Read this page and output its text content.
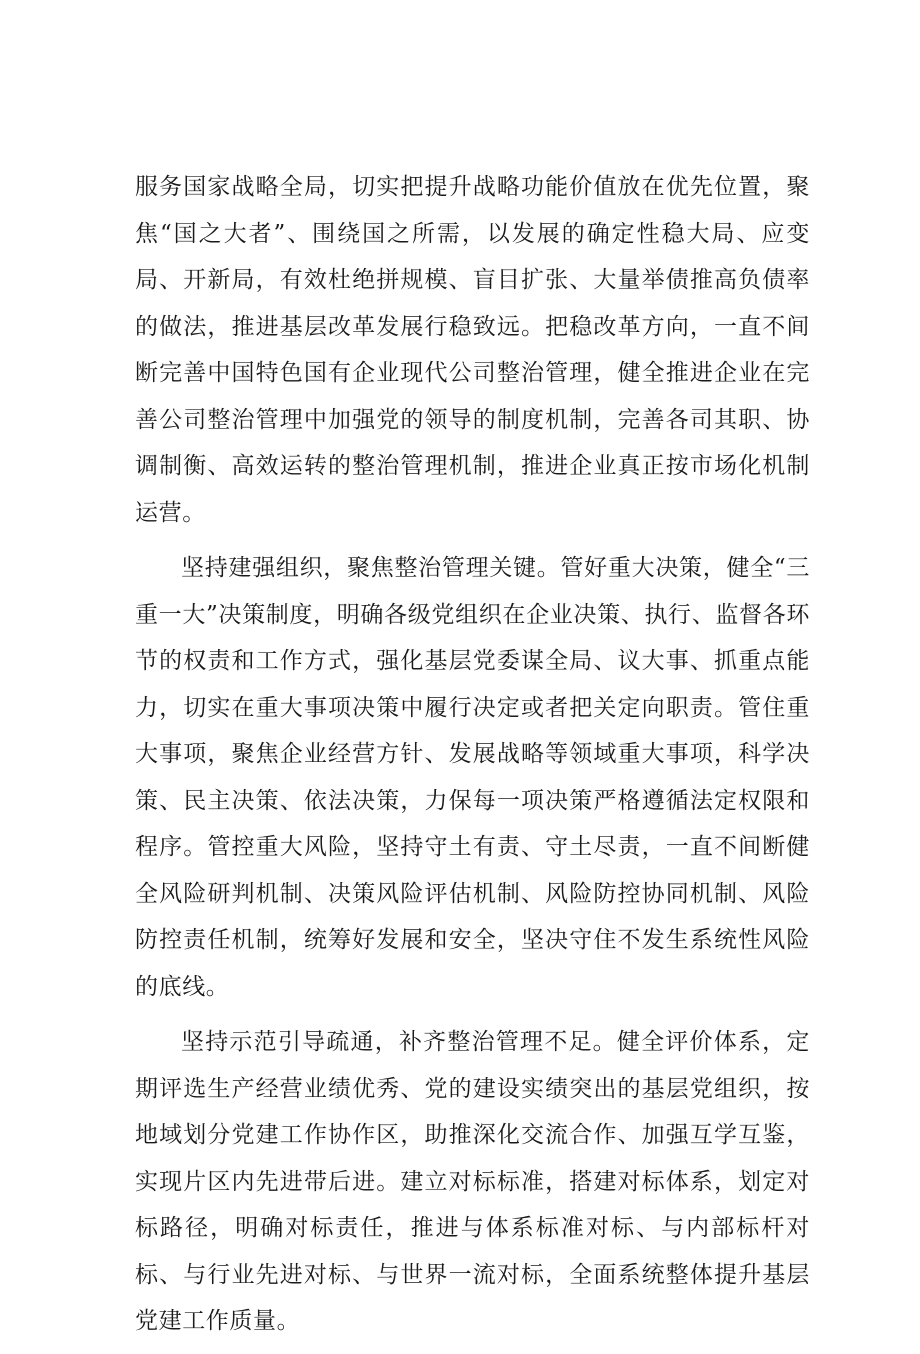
服务国家战略全局，切实把提升战略功能价值放在优先位置，聚焦“国之大者”、围绕国之所需，以发展的确定性稳大局、应变局、开新局，有效杜绝拼规模、盲目扩张、大量举债推高负债率的做法，推进基层改革发展行稳致远。把稳改革方向，一直不间断完善中国特色国有企业现代公司整治管理，健全推进企业在完善公司整治管理中加强党的领导的制度机制，完善各司其职、协调制衡、高效运转的整治管理机制，推进企业真正按市场化机制运营。

坚持建强组织，聚焦整治管理关键。管好重大决策，健全“三重一大”决策制度，明确各级党组织在企业决策、执行、监督各环节的权责和工作方式，强化基层党委谋全局、议大事、抓重点能力，切实在重大事项决策中履行决定或者把关定向职责。管住重大事项，聚焦企业经营方针、发展战略等领域重大事项，科学决策、民主决策、依法决策，力保每一项决策严格遵循法定权限和程序。管控重大风险，坚持守土有责、守土尽责，一直不间断健全风险研判机制、决策风险评估机制、风险防控协同机制、风险防控责任机制，统筹好发展和安全，坚决守住不发生系统性风险的底线。

坚持示范引导疏通，补齐整治管理不足。健全评价体系，定期评选生产经营业绩优秀、党的建设实绩突出的基层党组织，按地域划分党建工作协作区，助推深化交流合作、加强互学互鉴，实现片区内先进带后进。建立对标标准，搭建对标体系，划定对标路径，明确对标责任，推进与体系标准对标、与内部标杆对标、与行业先进对标、与世界一流对标，全面系统整体提升基层党建工作质量。
